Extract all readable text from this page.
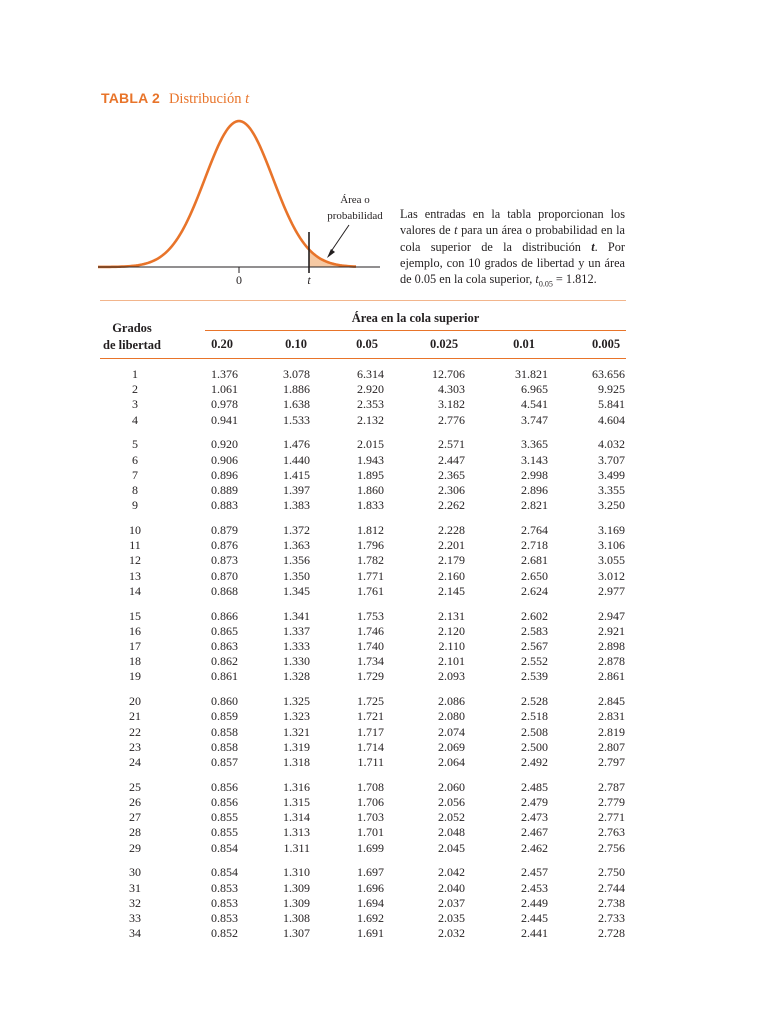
TABLA 2 Distribución t
Área o
probabilidad
0	t
Las entradas en la tabla proporcionan los valores de t para un área o probabilidad en la cola superior de la distribución t. Por ejemplo, con 10 grados de libertad y un área de 0.05 en la cola superior, $t_{0.05} = 1.812$.
Área en la cola superior
Grados
de libertad	0.20	0.10	0.05	0.025	0.01	0.005
1	1.376	3.078	6.314	12.706	31.821	63.656
2	1.061	1.886	2.920	4.303	6.965	9.925
3	0.978	1.638	2.353	3.182	4.541	5.841
4	0.941	1.533	2.132	2.776	3.747	4.604
5	0.920	1.476	2.015	2.571	3.365	4.032
6	0.906	1.440	1.943	2.447	3.143	3.707
7	0.896	1.415	1.895	2.365	2.998	3.499
8	0.889	1.397	1.860	2.306	2.896	3.355
9	0.883	1.383	1.833	2.262	2.821	3.250
10	0.879	1.372	1.812	2.228	2.764	3.169
11	0.876	1.363	1.796	2.201	2.718	3.106
12	0.873	1.356	1.782	2.179	2.681	3.055
13	0.870	1.350	1.771	2.160	2.650	3.012
14	0.868	1.345	1.761	2.145	2.624	2.977
15	0.866	1.341	1.753	2.131	2.602	2.947
16	0.865	1.337	1.746	2.120	2.583	2.921
17	0.863	1.333	1.740	2.110	2.567	2.898
18	0.862	1.330	1.734	2.101	2.552	2.878
19	0.861	1.328	1.729	2.093	2.539	2.861
20	0.860	1.325	1.725	2.086	2.528	2.845
21	0.859	1.323	1.721	2.080	2.518	2.831
22	0.858	1.321	1.717	2.074	2.508	2.819
23	0.858	1.319	1.714	2.069	2.500	2.807
24	0.857	1.318	1.711	2.064	2.492	2.797
25	0.856	1.316	1.708	2.060	2.485	2.787
26	0.856	1.315	1.706	2.056	2.479	2.779
27	0.855	1.314	1.703	2.052	2.473	2.771
28	0.855	1.313	1.701	2.048	2.467	2.763
29	0.854	1.311	1.699	2.045	2.462	2.756
30	0.854	1.310	1.697	2.042	2.457	2.750
31	0.853	1.309	1.696	2.040	2.453	2.744
32	0.853	1.309	1.694	2.037	2.449	2.738
33	0.853	1.308	1.692	2.035	2.445	2.733
34	0.852	1.307	1.691	2.032	2.441	2.728
